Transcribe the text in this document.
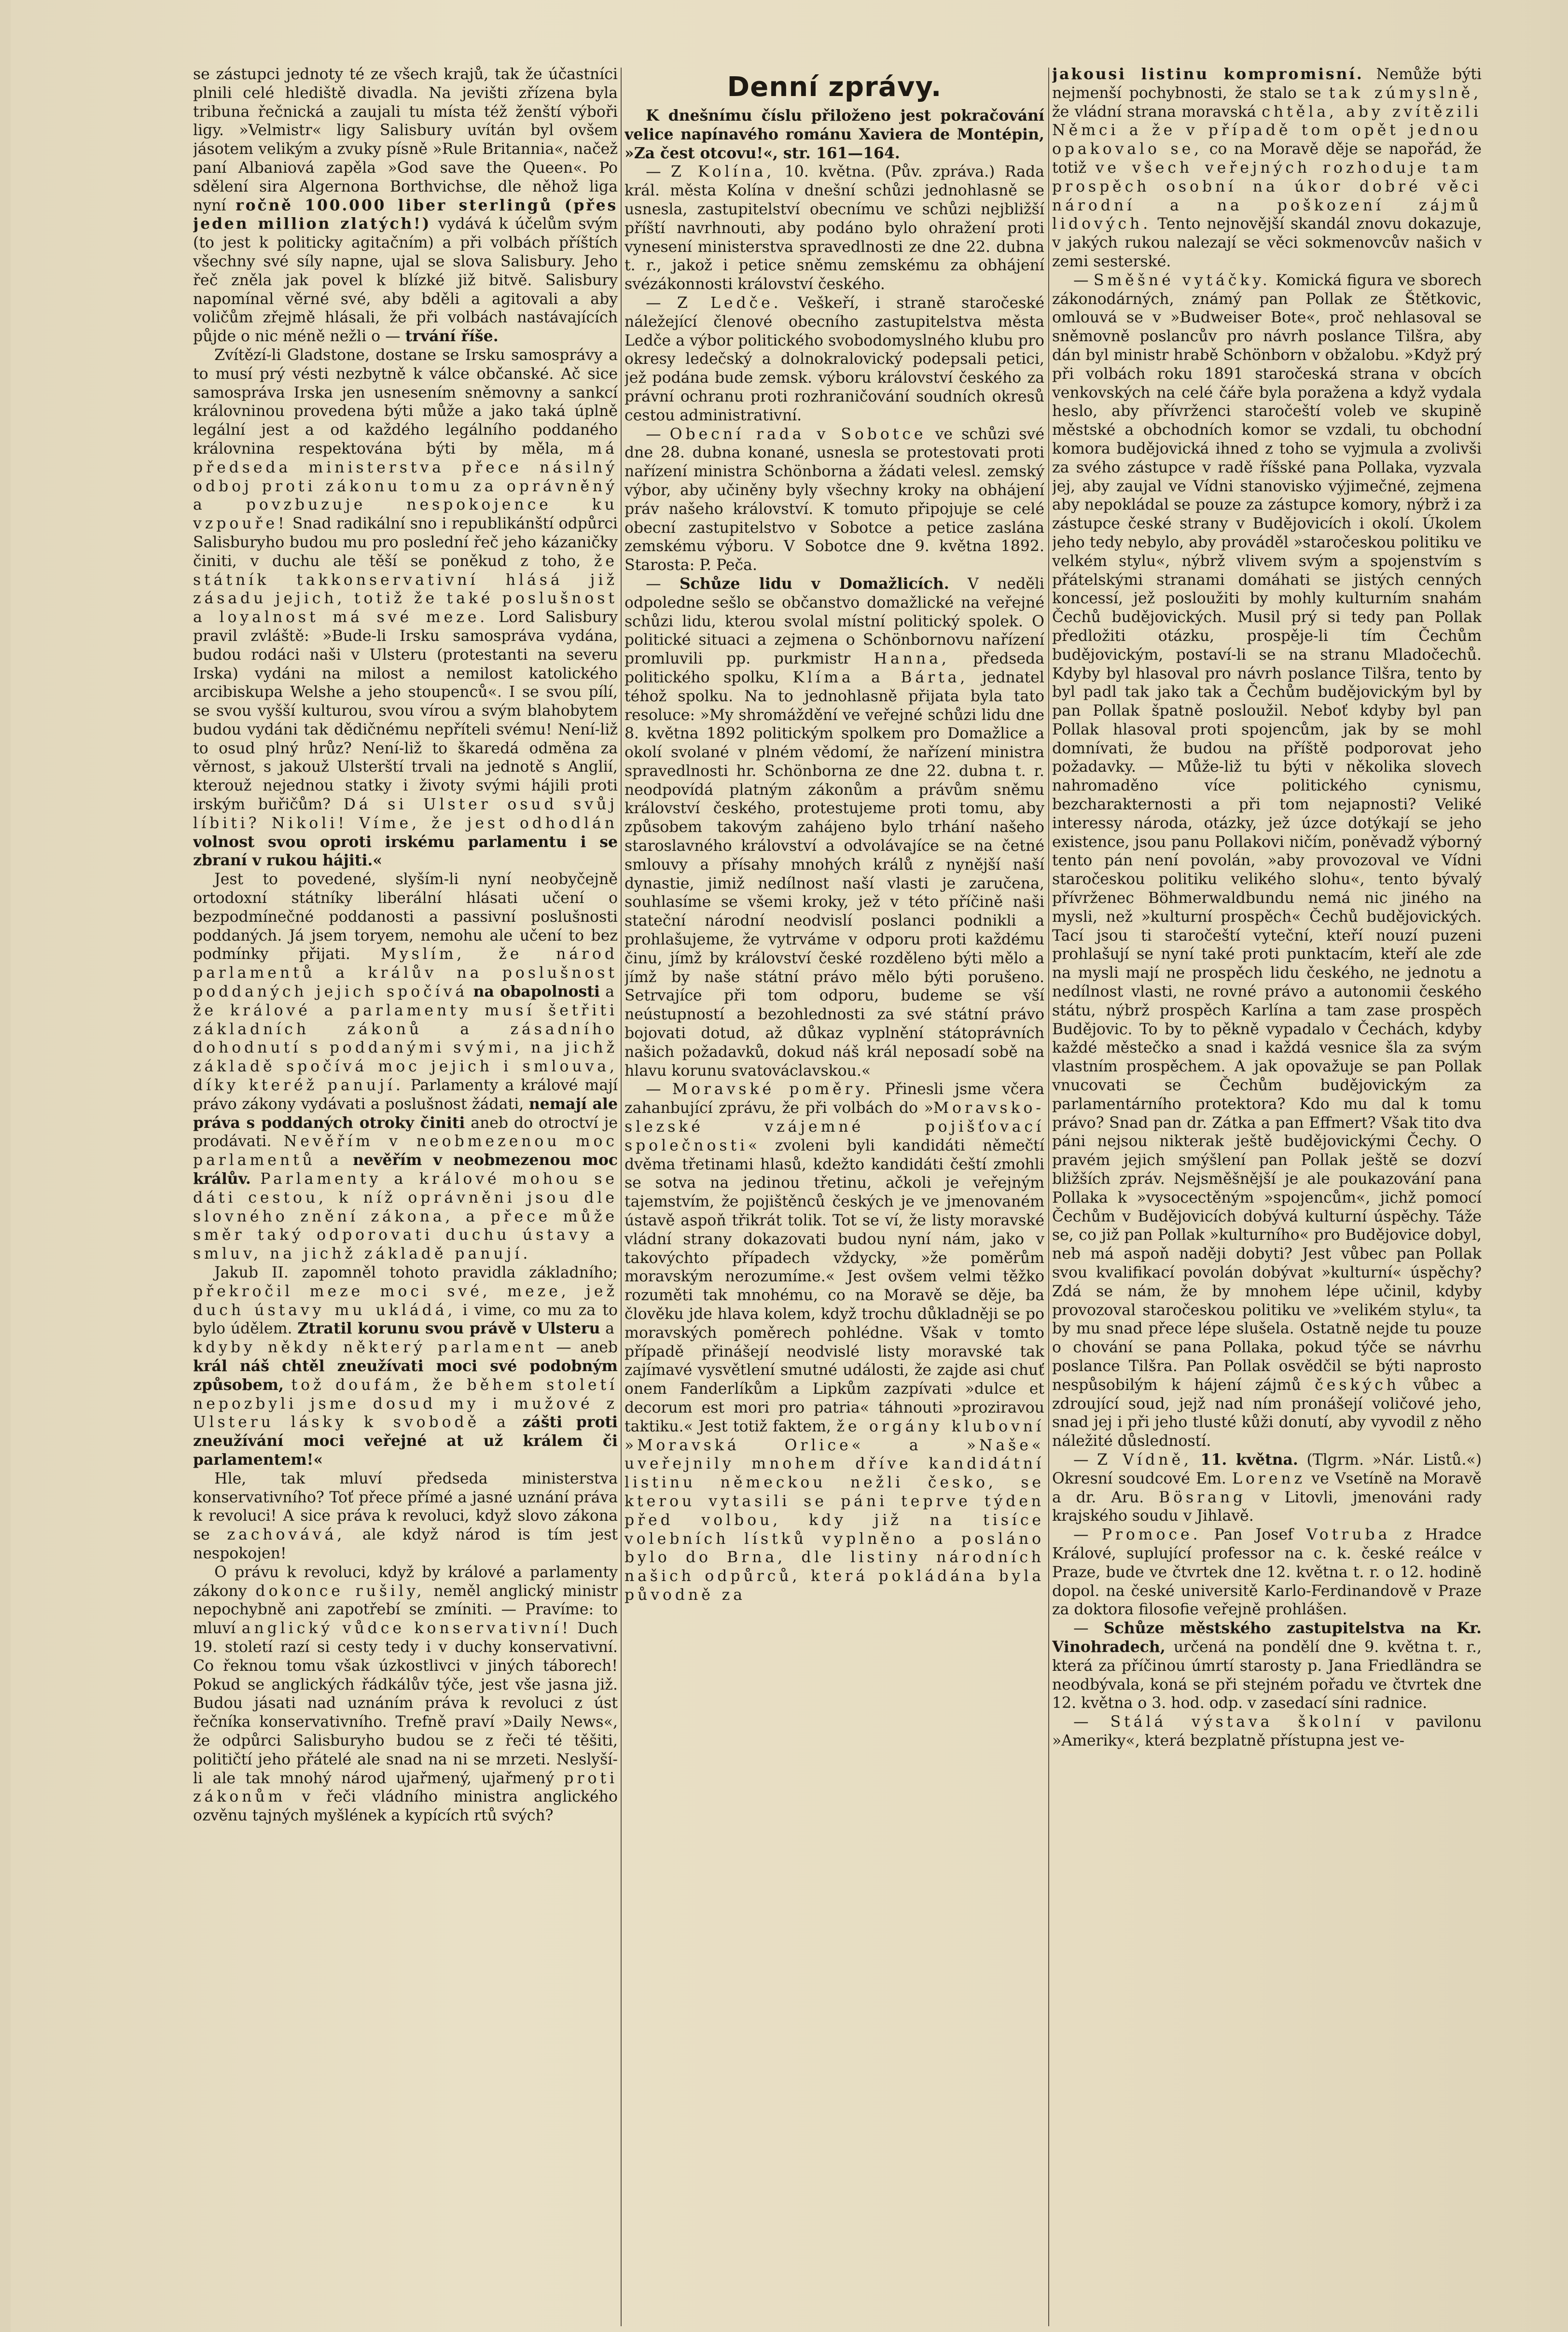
se zástupci jednoty té ze všech krajů, tak že účastníci plnili celé hlediště divadla. Na jevišti zřízena byla tribuna řečnická a zaujali tu místa též ženští výboři ligy. »Velmistr« ligy Salisbury uvítán byl ovšem jásotem velikým a zvuky písně »Rule Britannia«, načež paní Albaniová zapěla »God save the Queen«. Po sdělení sira Algernona Borthvichse, dle něhož liga nyní ročně 100.000 liber sterlingů (přes jeden million zlatých!) vydává k účelům svým (to jest k politicky agitačním) a při volbách příštích všechny své síly napne, ujal se slova Salisbury. Jeho řeč zněla jak povel k blízké již bitvě. Salisbury napomínal věrné své, aby bděli a agitovali a aby voličům zřejmě hlásali, že při volbách nastávajících půjde o nic méně nežli o — trvání říše.

Zvítězí-li Gladstone, dostane se Irsku samosprávy a to musí prý vésti nezbytně k válce občanské. Ač sice samospráva Irska jen usnesením sněmovny a sankcí královninou provedena býti může a jako taká úplně legální jest a od každého legálního poddaného královnina respektována býti by měla, má předseda ministerstva přece násilný odboj proti zákonu tomu za oprávněný a povzbuzuje nespokojence ku vzpouře! Snad radikální sno i republikánští odpůrci Salisburyho budou mu pro poslední řeč jeho kázaničky činiti, v duchu ale těší se poněkud z toho, že státník takkonservativní hlásá již zásadu jejich, totiž že také poslušnost a loyalnost má své meze. Lord Salisbury pravil zvláště: »Bude-li Irsku samospráva vydána, budou rodáci naši v Ulsteru (protestanti na severu Irska) vydáni na milost a nemilost katolického arcibiskupa Welshe a jeho stoupenců«. I se svou pílí, se svou vyšší kulturou, svou vírou a svým blahobytem budou vydáni tak dědičnému nepříteli svému! Není-liž to osud plný hrůz? Není-liž to škaredá odměna za věrnost, s jakouž Ulsterští trvali na jednotě s Anglií, kterouž nejednou statky i životy svými hájili proti irským buřičům? Dá si Ulster osud svůj líbiti? Nikoli! Víme, že jest odhodlán volnost svou oproti irskému parlamentu i se zbraní v rukou hájiti.«

Jest to povedené, slyším-li nyní neobyčejně ortodoxní státníky liberální hlásati učení o bezpodmínečné poddanosti a passivní poslušnosti poddaných. Já jsem toryem, nemohu ale učení to bez podmínky přijati. Myslím, že národ parlamentů a králův na poslušnost poddaných jejich spočívá na obapolnosti a že králové a parlamenty musí šetřiti základních zákonů a zásadního dohodnutí s poddanými svými, na jichž základě spočívá moc jejich i smlouva, díky kteréž panují. Parlamenty a králové mají právo zákony vydávati a poslušnost žádati, nemají ale práva s poddaných otroky činiti aneb do otroctví je prodávati. Nevěřím v neobmezenou moc parlamentů a nevěřím v neobmezenou moc králův. Parlamenty a králové mohou se dáti cestou, k níž oprávněni jsou dle slovného znění zákona, a přece může směr taký odporovati duchu ústavy a smluv, na jichž základě panují.

Jakub II. zapomněl tohoto pravidla základního; překročil meze moci své, meze, jež duch ústavy mu ukládá, i vime, co mu za to bylo údělem. Ztratil korunu svou právě v Ulsteru a kdyby někdy některý parlament — aneb král náš chtěl zneužívati moci své podobným způsobem, tož doufám, že během století nepozbyli jsme dosud my i mužové z Ulsteru lásky k svobodě a zášti proti zneužívání moci veřejné at už králem či parlamentem!«

Hle, tak mluví předseda ministerstva konservativního? Toť přece přímé a jasné uznání práva k revoluci! A sice práva k revoluci, když slovo zákona se zachovává, ale když národ is tím jest nespokojen!

O právu k revoluci, když by králové a parlamenty zákony dokonce rušily, neměl anglický ministr nepochybně ani zapotřebí se zmíniti. — Pravíme: to mluví anglický vůdce konservativní! Duch 19. století razí si cesty tedy i v duchy konservativní. Co řeknou tomu však úzkostlivci v jiných táborech! Pokud se anglických řádkálův týče, jest vše jasna již. Budou jásati nad uznáním práva k revoluci z úst řečníka konservativního. Trefně praví »Daily News«, že odpůrci Salisburyho budou se z řeči té těšiti, političtí jeho přátelé ale snad na ni se mrzeti. Neslyší-li ale tak mnohý národ ujařmený, ujařmený proti zákonům v řeči vládního ministra anglického ozvěnu tajných myšlének a kypících rtů svých?

Denní zprávy.

K dnešnímu číslu přiloženo jest pokračování velice napínavého románu Xaviera de Montépin, »Za čest otcovu!«, str. 161—164.

— Z Kolína, 10. května. (Pův. zpráva.) Rada král. města Kolína v dnešní schůzi jednohlasně se usnesla, zastupitelství obecnímu ve schůzi nejbližší příští navrhnouti, aby podáno bylo ohražení proti vynesení ministerstva spravedlnosti ze dne 22. dubna t. r., jakož i petice sněmu zemskému za obhájení svézákonnosti království českého.

— Z Ledče. Veškeří, i straně staročeské náležející členové obecního zastupitelstva města Ledče a výbor politického svobodomyslného klubu pro okresy ledečský a dolnokralovický podepsali petici, jež podána bude zemsk. výboru království českého za právní ochranu proti rozhraničování soudních okresů cestou administrativní.

— Obecní rada v Sobotce ve schůzi své dne 28. dubna konané, usnesla se protestovati proti nařízení ministra Schönborna a žádati velesl. zemský výbor, aby učiněny byly všechny kroky na obhájení práv našeho království. K tomuto připojuje se celé obecní zastupitelstvo v Sobotce a petice zaslána zemskému výboru. V Sobotce dne 9. května 1892. Starosta: P. Peča.

— Schůze lidu v Domažlicích. V neděli odpoledne sešlo se občanstvo domažlické na veřejné schůzi lidu, kterou svolal místní politický spolek. O politické situaci a zejmena o Schönbornovu nařízení promluvili pp. purkmistr Hanna, předseda politického spolku, Klíma a Bárta, jednatel téhož spolku. Na to jednohlasně přijata byla tato resoluce: »My shromáždění ve veřejné schůzi lidu dne 8. května 1892 politickým spolkem pro Domažlice a okolí svolané v plném vědomí, že nařízení ministra spravedlnosti hr. Schönborna ze dne 22. dubna t. r. neodpovídá platným zákonům a právům sněmu království českého, protestujeme proti tomu, aby způsobem takovým zahájeno bylo trhání našeho staroslavného království a odvolávajíce se na četné smlouvy a přísahy mnohých králů z nynější naší dynastie, jimiž nedílnost naší vlasti je zaručena, souhlasíme se všemi kroky, jež v této příčině naši stateční národní neodvislí poslanci podnikli a prohlašujeme, že vytrváme v odporu proti každému činu, jímž by království české rozděleno býti mělo a jímž by naše státní právo mělo býti porušeno. Setrvajíce při tom odporu, budeme se vší neústupností a bezohlednosti za své státní právo bojovati dotud, až důkaz vyplnění státoprávních našich požadavků, dokud náš král neposadí sobě na hlavu korunu svatováclavskou.«

— Moravské poměry. Přinesli jsme včera zahanbující zprávu, že při volbách do »Moravsko-slezské vzájemné pojišťovací společnosti« zvoleni byli kandidáti němečtí dvěma třetinami hlasů, kdežto kandidáti čeští zmohli se sotva na jedinou třetinu, ačkoli je veřejným tajemstvím, že pojištěnců českých je ve jmenovaném ústavě aspoň třikrát tolik. Tot se ví, že listy moravské vládní strany dokazovati budou nyní nám, jako v takovýchto případech vždycky, »že poměrům moravským nerozumíme.« Jest ovšem velmi těžko rozuměti tak mnohému, co na Moravě se děje, ba člověku jde hlava kolem, když trochu důkladněji se po moravských poměrech pohlédne. Však v tomto případě přinášejí neodvislé listy moravské tak zajímavé vysvětlení smutné události, že zajde asi chuť onem Fanderlíkům a Lipkům zazpívati »dulce et decorum est mori pro patria« táhnouti »proziravou taktiku.« Jest totiž faktem, že orgány klubovní »Moravská Orlice« a »Naše« uveřejnily mnohem dříve kandidátní listinu německou nežli česko, se kterou vytasili se páni teprve týden před volbou, kdy již na tisíce volebních lístků vyplněno a posláno bylo do Brna, dle listiny národních našich odpůrců, která pokládána byla původně za

jakousi listinu kompromisní. Nemůže býti nejmenší pochybnosti, že stalo se tak zúmyslně, že vládní strana moravská chtěla, aby zvítězili Němci a že v případě tom opět jednou opakovalo se, co na Moravě děje se napořád, že totiž ve všech veřejných rozhoduje tam prospěch osobní na úkor dobré věci národní a na poškození zájmů lidových. Tento nejnovější skandál znovu dokazuje, v jakých rukou nalezají se věci sokmenovcův našich v zemi sesterské.

— Směšné vytáčky. Komická figura ve sborech zákonodárných, známý pan Pollak ze Štětkovic, omlouvá se v »Budweiser Bote«, proč nehlasoval se sněmovně poslancův pro návrh poslance Tilšra, aby dán byl ministr hrabě Schönborn v obžalobu. »Když prý při volbách roku 1891 staročeská strana v obcích venkovských na celé čáře byla poražena a když vydala heslo, aby přívrženci staročeští voleb ve skupině městské a obchodních komor se vzdali, tu obchodní komora budějovická ihned z toho se vyjmula a zvolivši za svého zástupce v radě říšské pana Pollaka, vyzvala jej, aby zaujal ve Vídni stanovisko výjimečné, zejmena aby nepokládal se pouze za zástupce komory, nýbrž i za zástupce české strany v Budějovicích i okolí. Úkolem jeho tedy nebylo, aby prováděl »staročeskou politiku ve velkém stylu«, nýbrž vlivem svým a spojenstvím s přátelskými stranami domáhati se jistých cenných koncessí, jež posloužiti by mohly kulturním snahám Čechů budějovických. Musil prý si tedy pan Pollak předložiti otázku, prospěje-li tím Čechům budějovickým, postaví-li se na stranu Mladočechů. Kdyby byl hlasoval pro návrh poslance Tilšra, tento by byl padl tak jako tak a Čechům budějovickým byl by pan Pollak špatně posloužil. Neboť kdyby byl pan Pollak hlasoval proti spojencům, jak by se mohl domnívati, že budou na příště podporovat jeho požadavky. — Může-liž tu býti v několika slovech nahromaděno více politického cynismu, bezcharakternosti a při tom nejapnosti? Veliké interessy národa, otázky, jež úzce dotýkají se jeho existence, jsou panu Pollakovi ničím, poněvadž výborný tento pán není povolán, »aby provozoval ve Vídni staročeskou politiku velikého slohu«, tento bývalý přívrženec Böhmerwaldbundu nemá nic jiného na mysli, než »kulturní prospěch« Čechů budějovických. Tací jsou ti staročeští vyteční, kteří nouzí puzeni prohlašují se nyní také proti punktacím, kteří ale zde na mysli mají ne prospěch lidu českého, ne jednotu a nedílnost vlasti, ne rovné právo a autonomii českého státu, nýbrž prospěch Karlína a tam zase prospěch Budějovic. To by to pěkně vypadalo v Čechách, kdyby každé městečko a snad i každá vesnice šla za svým vlastním prospěchem. A jak opovažuje se pan Pollak vnucovati se Čechům budějovickým za parlamentárního protektora? Kdo mu dal k tomu právo? Snad pan dr. Zátka a pan Effmert? Však tito dva páni nejsou nikterak ještě budějovickými Čechy. O pravém jejich smýšlení pan Pollak ještě se dozví bližších zpráv. Nejsměšnější je ale poukazování pana Pollaka k »vysocectěným »spojencům«, jichž pomocí Čechům v Budějovicích dobývá kulturní úspěchy. Táže se, co již pan Pollak »kulturního« pro Budějovice dobyl, neb má aspoň naději dobyti? Jest vůbec pan Pollak svou kvalifikací povolán dobývat »kulturní« úspěchy? Zdá se nám, že by mnohem lépe učinil, kdyby provozoval staročeskou politiku ve »velikém stylu«, ta by mu snad přece lépe slušela. Ostatně nejde tu pouze o chování se pana Pollaka, pokud týče se návrhu poslance Tilšra. Pan Pollak osvědčil se býti naprosto nespůsobilým k hájení zájmů českých vůbec a zdroující soud, jejž nad ním pronášejí voličové jeho, snad jej i při jeho tlusté kůži donutí, aby vyvodil z něho náležité důsledností.

— Z Vídně, 11. května. (Tlgrm. »Nár. Listů.«) Okresní soudcové Em. Lorenz ve Vsetíně na Moravě a dr. Aru. Bösrang v Litovli, jmenováni rady krajského soudu v Jihlavě.

— Promoce. Pan Josef Votruba z Hradce Králové, suplující professor na c. k. české reálce v Praze, bude ve čtvrtek dne 12. května t. r. o 12. hodině dopol. na české universitě Karlo-Ferdinandově v Praze za doktora filosofie veřejně prohlášen.

— Schůze městského zastupitelstva na Kr. Vinohradech, určená na pondělí dne 9. května t. r., která za příčinou úmrtí starosty p. Jana Friedländra se neodbývala, koná se při stejném pořadu ve čtvrtek dne 12. května o 3. hod. odp. v zasedací síni radnice.

— Stálá výstava školní v pavilonu »Ameriky«, která bezplatně přístupna jest ve-
